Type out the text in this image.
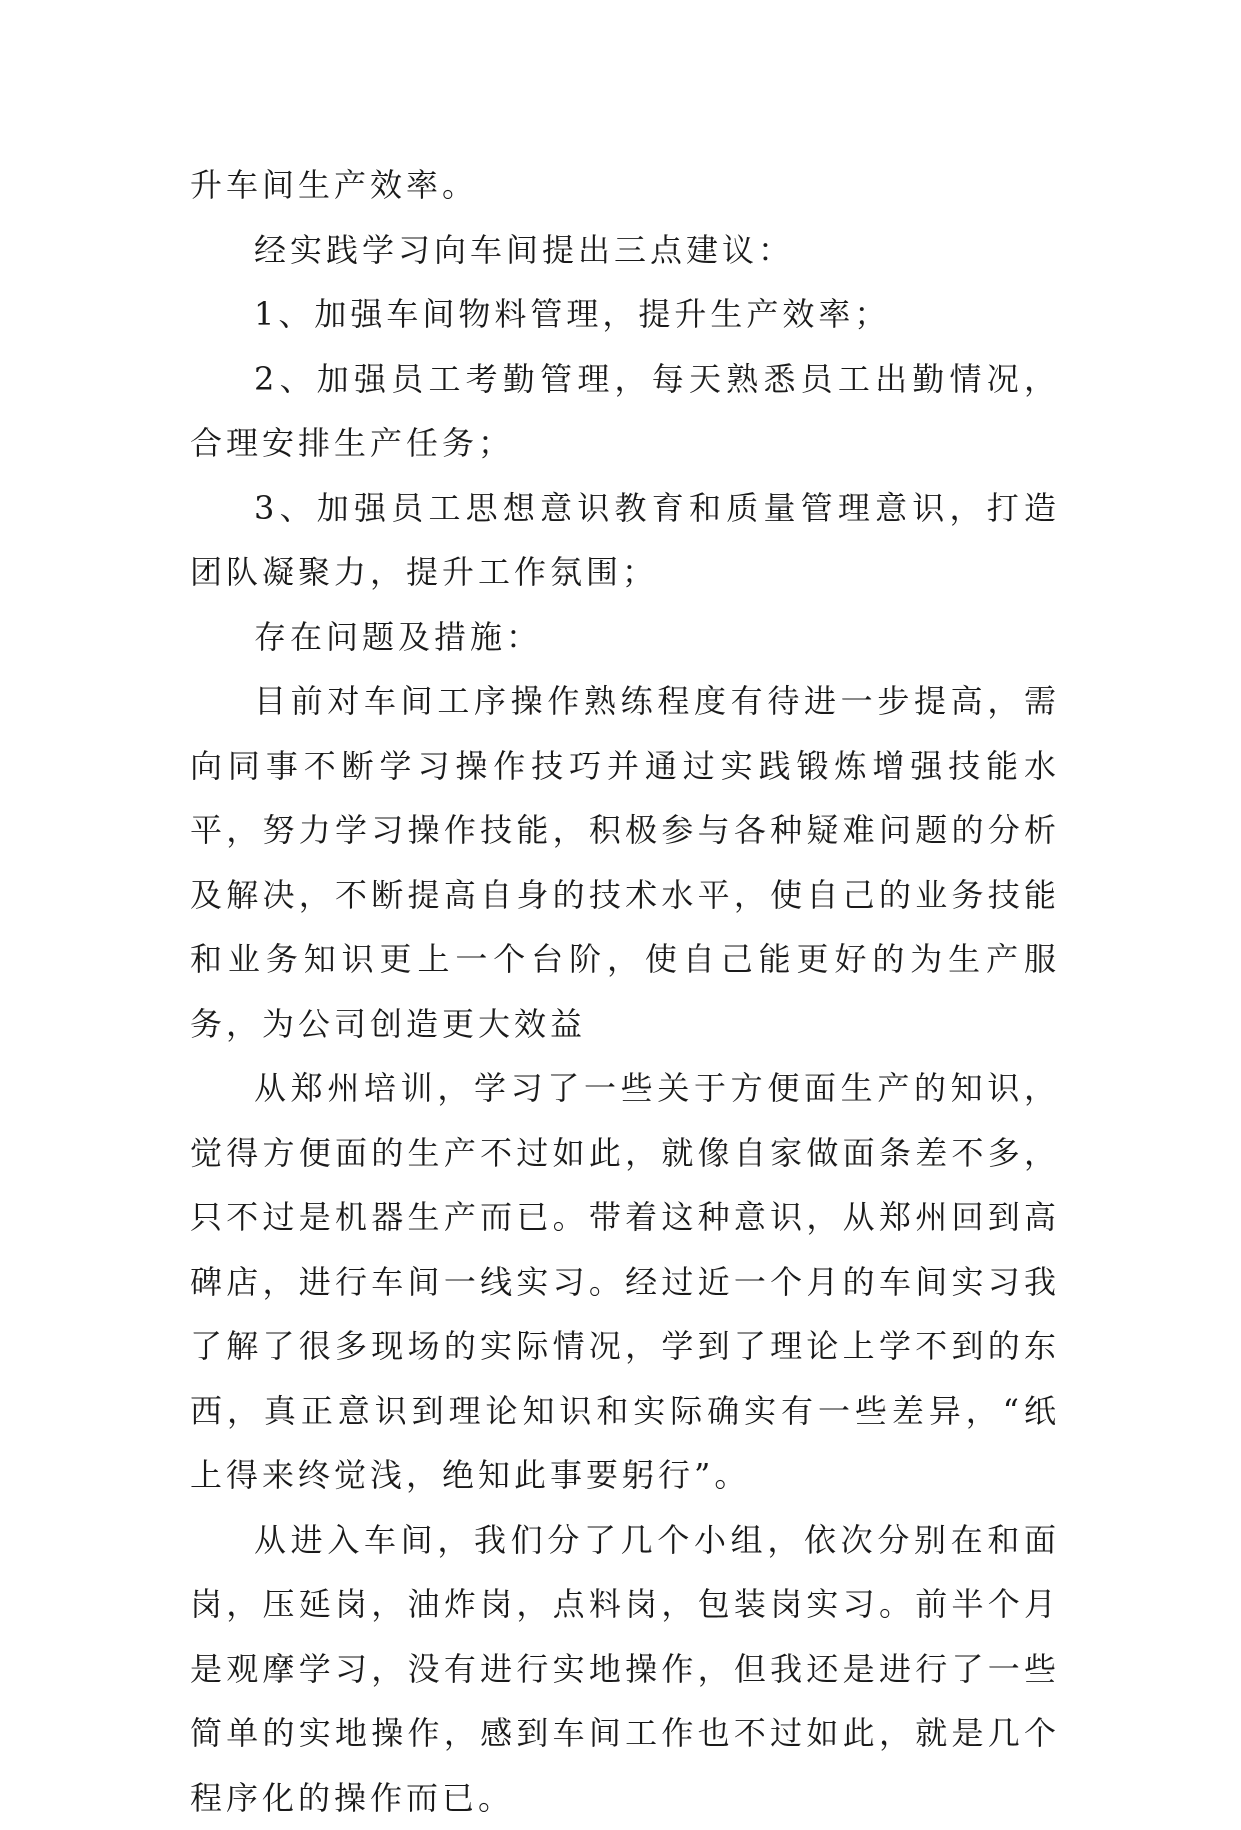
升车间生产效率。

经实践学习向车间提出三点建议：

1、加强车间物料管理，提升生产效率；

2、加强员工考勤管理，每天熟悉员工出勤情况，合理安排生产任务；

3、加强员工思想意识教育和质量管理意识，打造团队凝聚力，提升工作氛围；

存在问题及措施：

目前对车间工序操作熟练程度有待进一步提高，需向同事不断学习操作技巧并通过实践锻炼增强技能水平，努力学习操作技能，积极参与各种疑难问题的分析及解决，不断提高自身的技术水平，使自己的业务技能和业务知识更上一个台阶，使自己能更好的为生产服务，为公司创造更大效益

从郑州培训，学习了一些关于方便面生产的知识，觉得方便面的生产不过如此，就像自家做面条差不多，只不过是机器生产而已。带着这种意识，从郑州回到高碑店，进行车间一线实习。经过近一个月的车间实习我了解了很多现场的实际情况，学到了理论上学不到的东西，真正意识到理论知识和实际确实有一些差异，“纸上得来终觉浅，绝知此事要躬行”。

从进入车间，我们分了几个小组，依次分别在和面岗，压延岗，油炸岗，点料岗，包装岗实习。前半个月是观摩学习，没有进行实地操作，但我还是进行了一些简单的实地操作，感到车间工作也不过如此，就是几个程序化的操作而已。
